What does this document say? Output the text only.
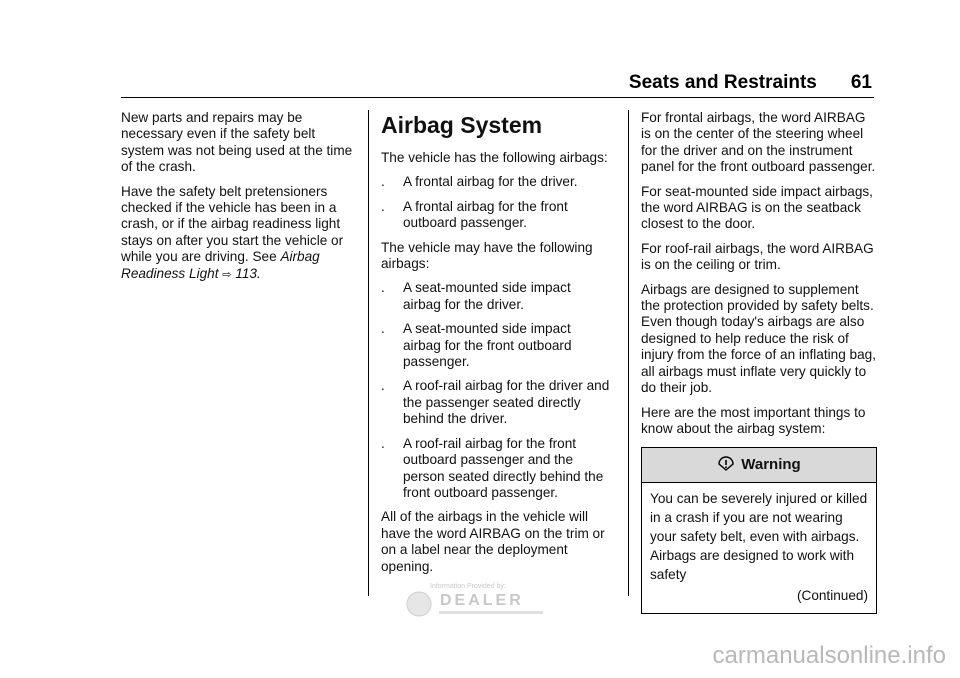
Seats and Restraints 61

New parts and repairs may be necessary even if the safety belt system was not being used at the time of the crash.

Have the safety belt pretensioners checked if the vehicle has been in a crash, or if the airbag readiness light stays on after you start the vehicle or while you are driving. See Airbag Readiness Light ⇨ 113.

Airbag System

The vehicle has the following airbags:

.	A frontal airbag for the driver.
.	A frontal airbag for the front outboard passenger.

The vehicle may have the following airbags:

.	A seat-mounted side impact airbag for the driver.
.	A seat-mounted side impact airbag for the front outboard passenger.
.	A roof-rail airbag for the driver and the passenger seated directly behind the driver.
.	A roof-rail airbag for the front outboard passenger and the person seated directly behind the front outboard passenger.

All of the airbags in the vehicle will have the word AIRBAG on the trim or on a label near the deployment opening.

For frontal airbags, the word AIRBAG is on the center of the steering wheel for the driver and on the instrument panel for the front outboard passenger.

For seat-mounted side impact airbags, the word AIRBAG is on the seatback closest to the door.

For roof-rail airbags, the word AIRBAG is on the ceiling or trim.

Airbags are designed to supplement the protection provided by safety belts. Even though today's airbags are also designed to help reduce the risk of injury from the force of an inflating bag, all airbags must inflate very quickly to do their job.

Here are the most important things to know about the airbag system:

Warning
You can be severely injured or killed in a crash if you are not wearing your safety belt, even with airbags. Airbags are designed to work with safety
(Continued)
Information Provided by:
DEALER
carmanualsonline.info
